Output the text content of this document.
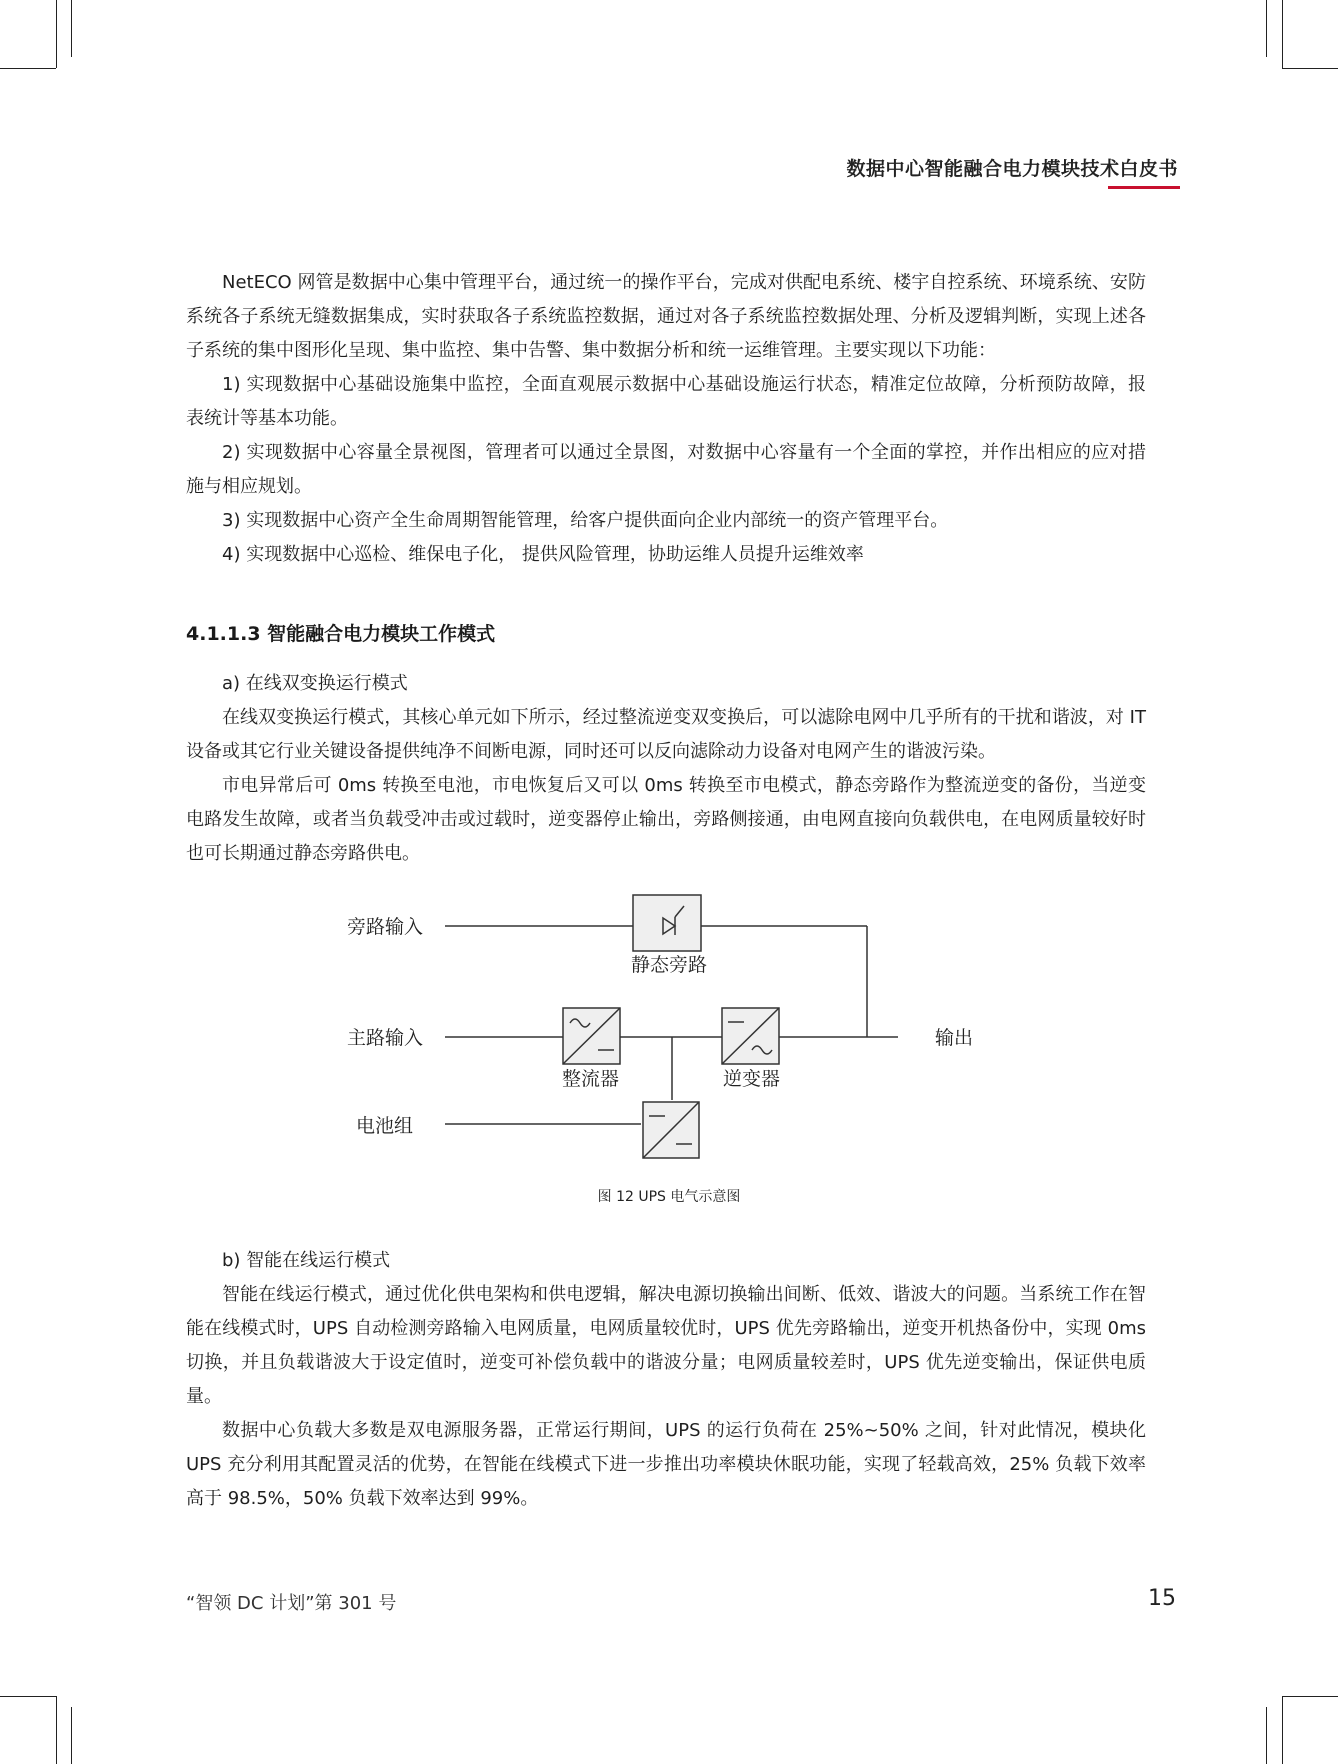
数据中心智能融合电力模块技术白皮书

NetECO 网管是数据中心集中管理平台，通过统一的操作平台，完成对供配电系统、楼宇自控系统、环境系统、安防系统各子系统无缝数据集成，实时获取各子系统监控数据，通过对各子系统监控数据处理、分析及逻辑判断，实现上述各子系统的集中图形化呈现、集中监控、集中告警、集中数据分析和统一运维管理。主要实现以下功能：

1) 实现数据中心基础设施集中监控，全面直观展示数据中心基础设施运行状态，精准定位故障，分析预防故障，报表统计等基本功能。

2) 实现数据中心容量全景视图，管理者可以通过全景图，对数据中心容量有一个全面的掌控，并作出相应的应对措施与相应规划。

3) 实现数据中心资产全生命周期智能管理，给客户提供面向企业内部统一的资产管理平台。

4) 实现数据中心巡检、维保电子化， 提供风险管理，协助运维人员提升运维效率

4.1.1.3 智能融合电力模块工作模式

a) 在线双变换运行模式

在线双变换运行模式，其核心单元如下所示，经过整流逆变双变换后，可以滤除电网中几乎所有的干扰和谐波，对 IT 设备或其它行业关键设备提供纯净不间断电源，同时还可以反向滤除动力设备对电网产生的谐波污染。

市电异常后可 0ms 转换至电池，市电恢复后又可以 0ms 转换至市电模式，静态旁路作为整流逆变的备份，当逆变电路发生故障，或者当负载受冲击或过载时，逆变器停止输出，旁路侧接通，由电网直接向负载供电，在电网质量较好时也可长期通过静态旁路供电。

旁路输入
主路输入
电池组
输出
静态旁路
整流器	逆变器
图 12 UPS 电气示意图

b) 智能在线运行模式

智能在线运行模式，通过优化供电架构和供电逻辑，解决电源切换输出间断、低效、谐波大的问题。当系统工作在智能在线模式时，UPS 自动检测旁路输入电网质量，电网质量较优时，UPS 优先旁路输出，逆变开机热备份中，实现 0ms 切换，并且负载谐波大于设定值时，逆变可补偿负载中的谐波分量；电网质量较差时，UPS 优先逆变输出，保证供电质量。

数据中心负载大多数是双电源服务器，正常运行期间，UPS 的运行负荷在 25%~50% 之间，针对此情况，模块化 UPS 充分利用其配置灵活的优势，在智能在线模式下进一步推出功率模块休眠功能，实现了轻载高效，25% 负载下效率高于 98.5%，50% 负载下效率达到 99%。

“智领 DC 计划”第 301 号	15
